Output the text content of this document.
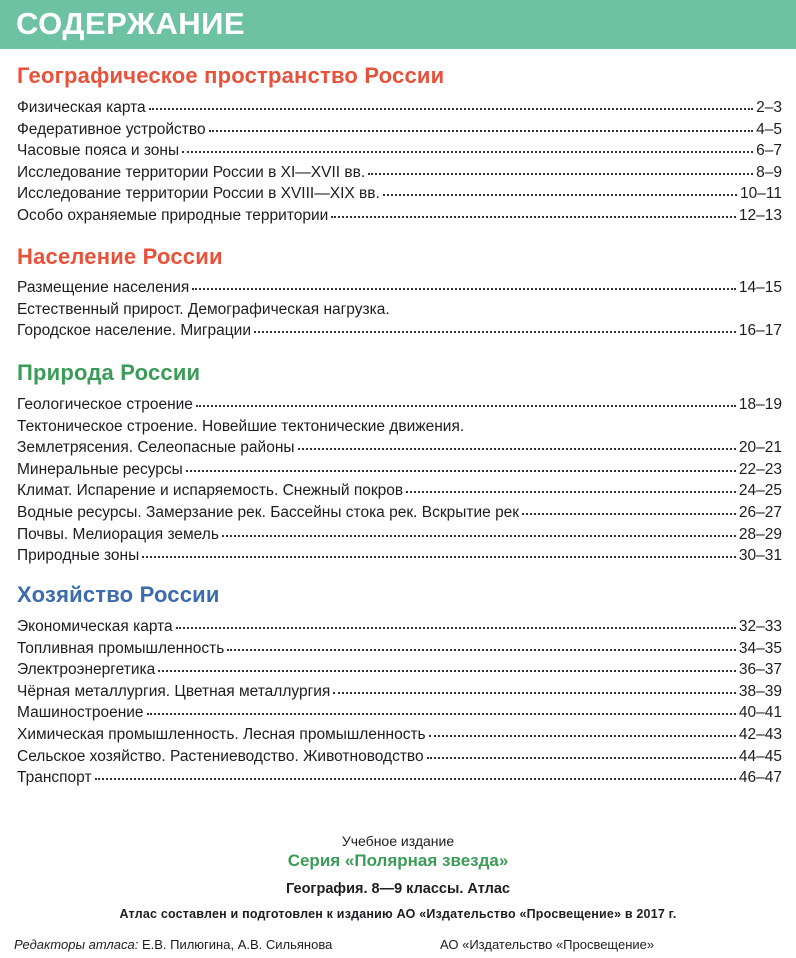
СОДЕРЖАНИЕ
Географическое пространство России
Физическая карта	2–3
Федеративное устройство	4–5
Часовые пояса и зоны	6–7
Исследование территории России в XI—XVII вв.	8–9
Исследование территории России в XVIII—XIX вв.	10–11
Особо охраняемые природные территории	12–13
Население России
Размещение населения	14–15
Естественный прирост. Демографическая нагрузка.
Городское население. Миграции	16–17
Природа России
Геологическое строение	18–19
Тектоническое строение. Новейшие тектонические движения.
Землетрясения. Селеопасные районы	20–21
Минеральные ресурсы	22–23
Климат. Испарение и испаряемость. Снежный покров	24–25
Водные ресурсы. Замерзание рек. Бассейны стока рек. Вскрытие рек	26–27
Почвы. Мелиорация земель	28–29
Природные зоны	30–31
Хозяйство России
Экономическая карта	32–33
Топливная промышленность	34–35
Электроэнергетика	36–37
Чёрная металлургия. Цветная металлургия	38–39
Машиностроение	40–41
Химическая промышленность. Лесная промышленность	42–43
Сельское хозяйство. Растениеводство. Животноводство	44–45
Транспорт	46–47
Учебное издание
Серия «Полярная звезда»
География. 8—9 классы. Атлас
Атлас составлен и подготовлен к изданию АО «Издательство «Просвещение» в 2017 г.
Редакторы атласа: Е.В. Пилюгина, А.В. Сильянова	АО «Издательство «Просвещение»
